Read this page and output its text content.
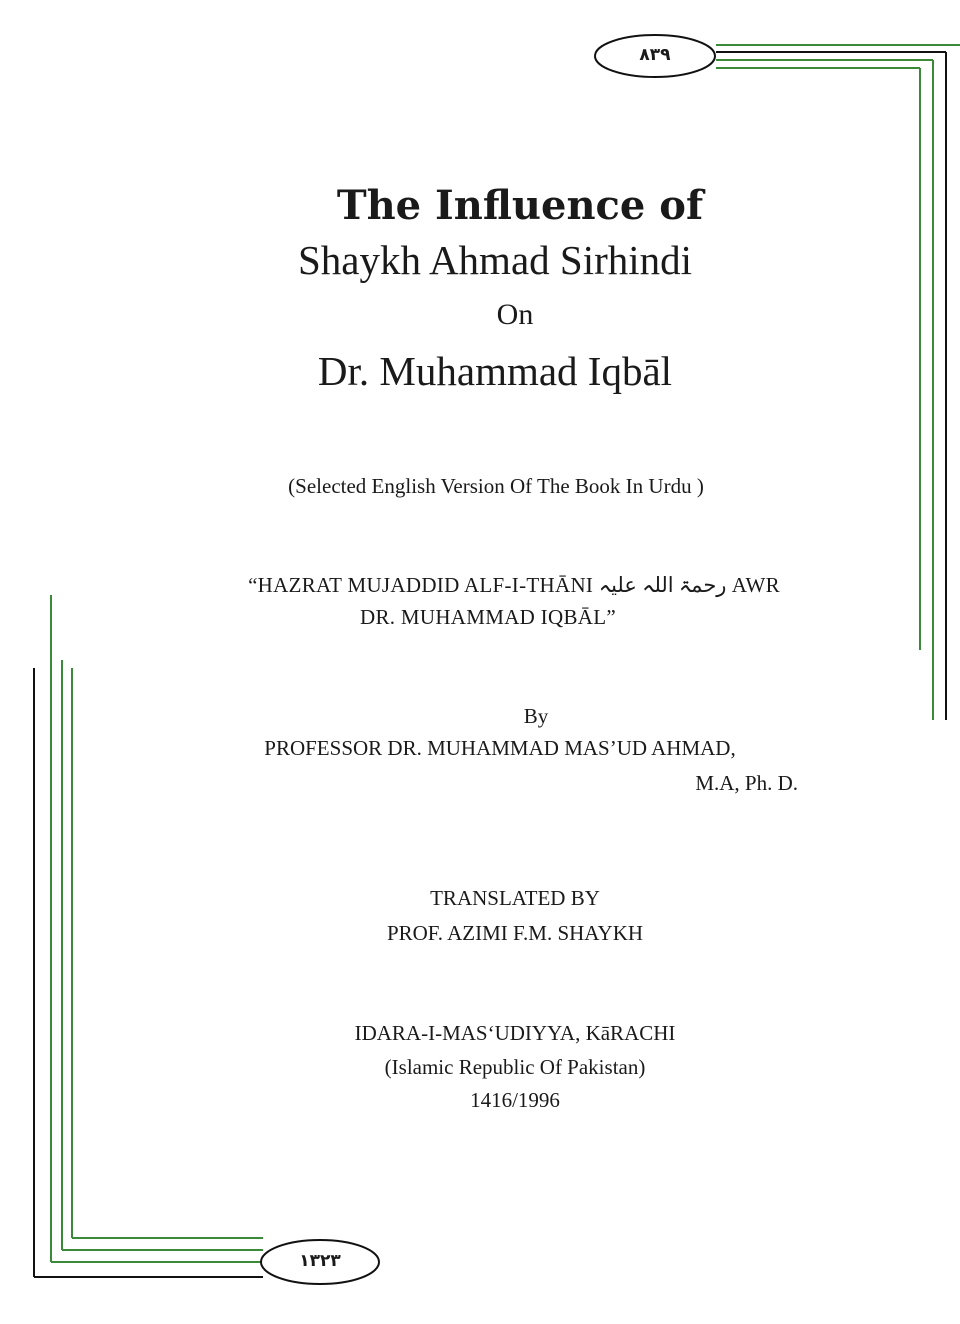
٨٣٩
١٣٢٣
The Influence of
Shaykh Ahmad Sirhindi
On
Dr. Muhammad Iqbāl
(Selected English Version Of The Book In Urdu )
“HAZRAT MUJADDID ALF-I-THĀNI رحمۃ اللہ علیہ AWR
DR. MUHAMMAD IQBĀL”
By
PROFESSOR DR. MUHAMMAD MAS’UD AHMAD,
M.A, Ph. D.
TRANSLATED BY
PROF. AZIMI F.M. SHAYKH
IDARA-I-MAS‘UDIYYA, KāRACHI
(Islamic Republic Of Pakistan)
1416/1996
